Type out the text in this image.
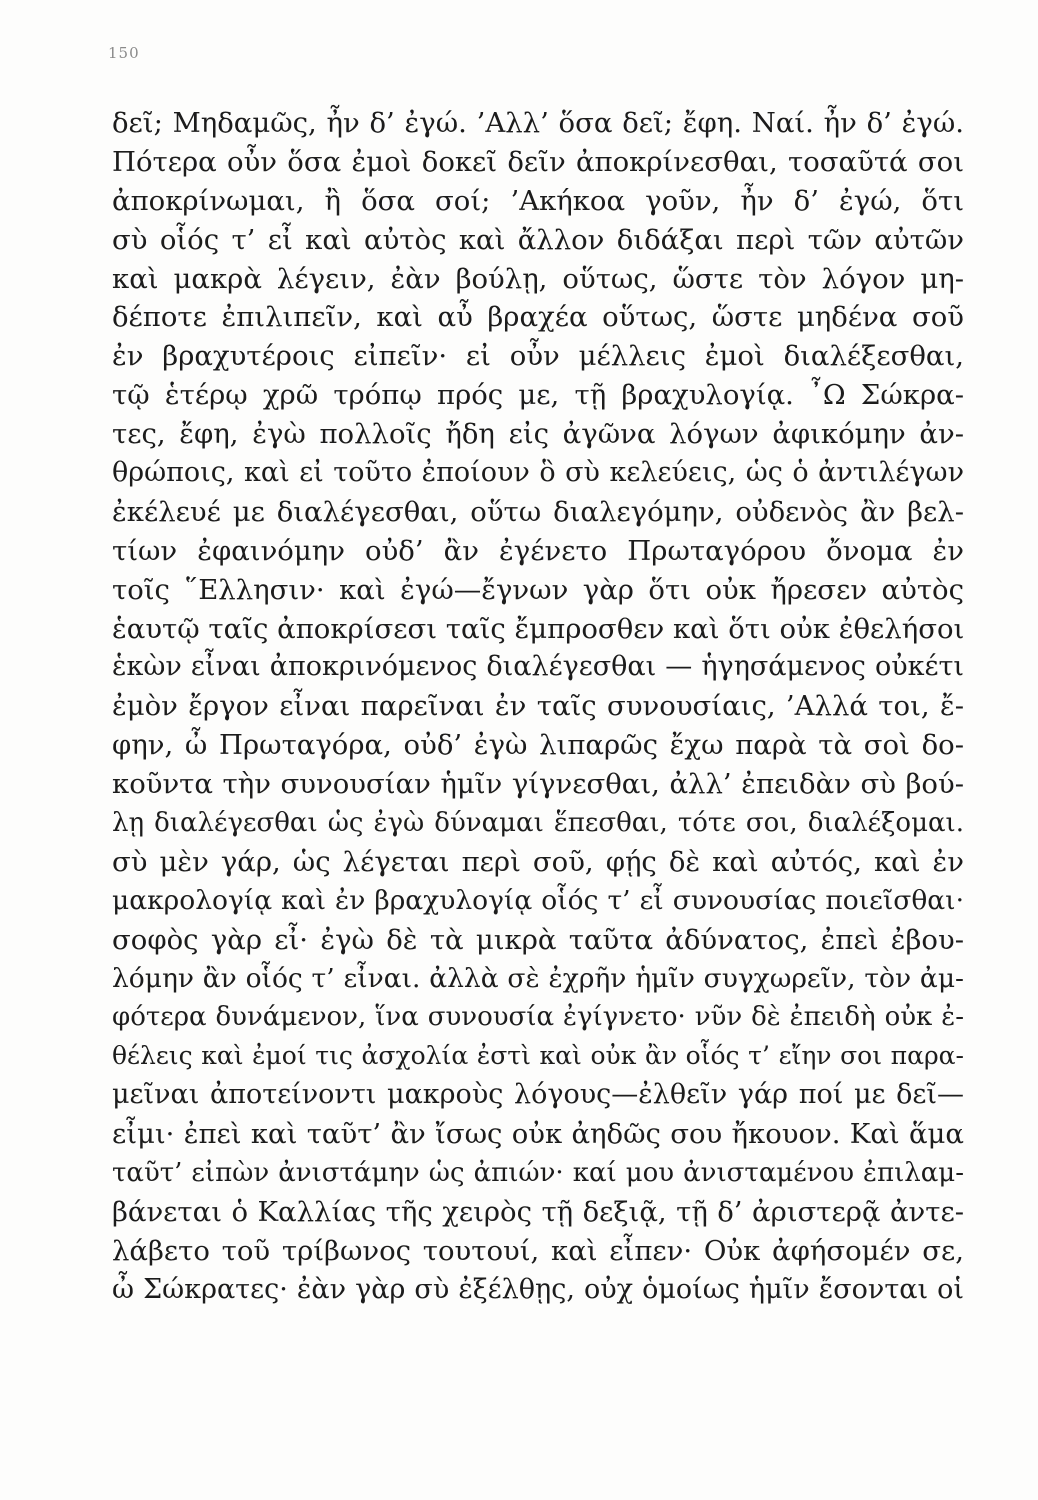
150
δεῖ; Μηδαμῶς, ἦν δ’ ἐγώ. ’Αλλ’ ὅσα δεῖ; ἔφη. Ναί. ἦν δ’ ἐγώ.
Πότερα οὖν ὅσα ἐμοὶ δοκεῖ δεῖν ἀποκρίνεσθαι, τοσαῦτά σοι
ἀποκρίνωμαι, ἢ ὅσα σοί; ’Ακήκοα γοῦν, ἦν δ’ ἐγώ, ὅτι
σὺ οἷός τ’ εἶ καὶ αὐτὸς καὶ ἄλλον διδάξαι περὶ τῶν αὐτῶν
καὶ μακρὰ λέγειν, ἐὰν βούλῃ, οὕτως, ὥστε τὸν λόγον μη-
δέποτε ἐπιλιπεῖν, καὶ αὖ βραχέα οὕτως, ὥστε μηδένα σοῦ
ἐν βραχυτέροις εἰπεῖν· εἰ οὖν μέλλεις ἐμοὶ διαλέξεσθαι,
τῷ ἑτέρῳ χρῶ τρόπῳ πρός με, τῇ βραχυλογίᾳ. ῏Ω Σώκρα-
τες, ἔφη, ἐγὼ πολλοῖς ἤδη εἰς ἀγῶνα λόγων ἀφικόμην ἀν-
θρώποις, καὶ εἰ τοῦτο ἐποίουν ὃ σὺ κελεύεις, ὡς ὁ ἀντιλέγων
ἐκέλευέ με διαλέγεσθαι, οὕτω διαλεγόμην, οὐδενὸς ἂν βελ-
τίων ἐφαινόμην οὐδ’ ἂν ἐγένετο Πρωταγόρου ὄνομα ἐν
τοῖς ῞Ελλησιν· καὶ ἐγώ—ἔγνων γὰρ ὅτι οὐκ ἤρεσεν αὐτὸς
ἑαυτῷ ταῖς ἀποκρίσεσι ταῖς ἔμπροσθεν καὶ ὅτι οὐκ ἐθελήσοι
ἑκὼν εἶναι ἀποκρινόμενος διαλέγεσθαι — ἡγησάμενος οὐκέτι
ἐμὸν ἔργον εἶναι παρεῖναι ἐν ταῖς συνουσίαις, ’Αλλά τοι, ἔ-
φην, ὦ Πρωταγόρα, οὐδ’ ἐγὼ λιπαρῶς ἔχω παρὰ τὰ σοὶ δο-
κοῦντα τὴν συνουσίαν ἡμῖν γίγνεσθαι, ἀλλ’ ἐπειδὰν σὺ βού-
λῃ διαλέγεσθαι ὡς ἐγὼ δύναμαι ἕπεσθαι, τότε σοι, διαλέξομαι.
σὺ μὲν γάρ, ὡς λέγεται περὶ σοῦ, φῄς δὲ καὶ αὐτός, καὶ ἐν
μακρολογίᾳ καὶ ἐν βραχυλογίᾳ οἷός τ’ εἶ συνουσίας ποιεῖσθαι·
σοφὸς γὰρ εἶ· ἐγὼ δὲ τὰ μικρὰ ταῦτα ἀδύνατος, ἐπεὶ ἐβου-
λόμην ἂν οἷός τ’ εἶναι. ἀλλὰ σὲ ἐχρῆν ἡμῖν συγχωρεῖν, τὸν ἀμ-
φότερα δυνάμενον, ἵνα συνουσία ἐγίγνετο· νῦν δὲ ἐπειδὴ οὐκ ἐ-
θέλεις καὶ ἐμοί τις ἀσχολία ἐστὶ καὶ οὐκ ἂν οἷός τ’ εἴην σοι παρα-
μεῖναι ἀποτείνοντι μακροὺς λόγους—ἐλθεῖν γάρ ποί με δεῖ—
εἶμι· ἐπεὶ καὶ ταῦτ’ ἂν ἴσως οὐκ ἀηδῶς σου ἤκουον. Καὶ ἅμα
ταῦτ’ εἰπὼν ἀνιστάμην ὡς ἀπιών· καί μου ἀνισταμένου ἐπιλαμ-
βάνεται ὁ Καλλίας τῆς χειρὸς τῇ δεξιᾷ, τῇ δ’ ἀριστερᾷ ἀντε-
λάβετο τοῦ τρίβωνος τουτουί, καὶ εἶπεν· Οὐκ ἀφήσομέν σε,
ὦ Σώκρατες· ἐὰν γὰρ σὺ ἐξέλθῃς, οὐχ ὁμοίως ἡμῖν ἔσονται οἱ
